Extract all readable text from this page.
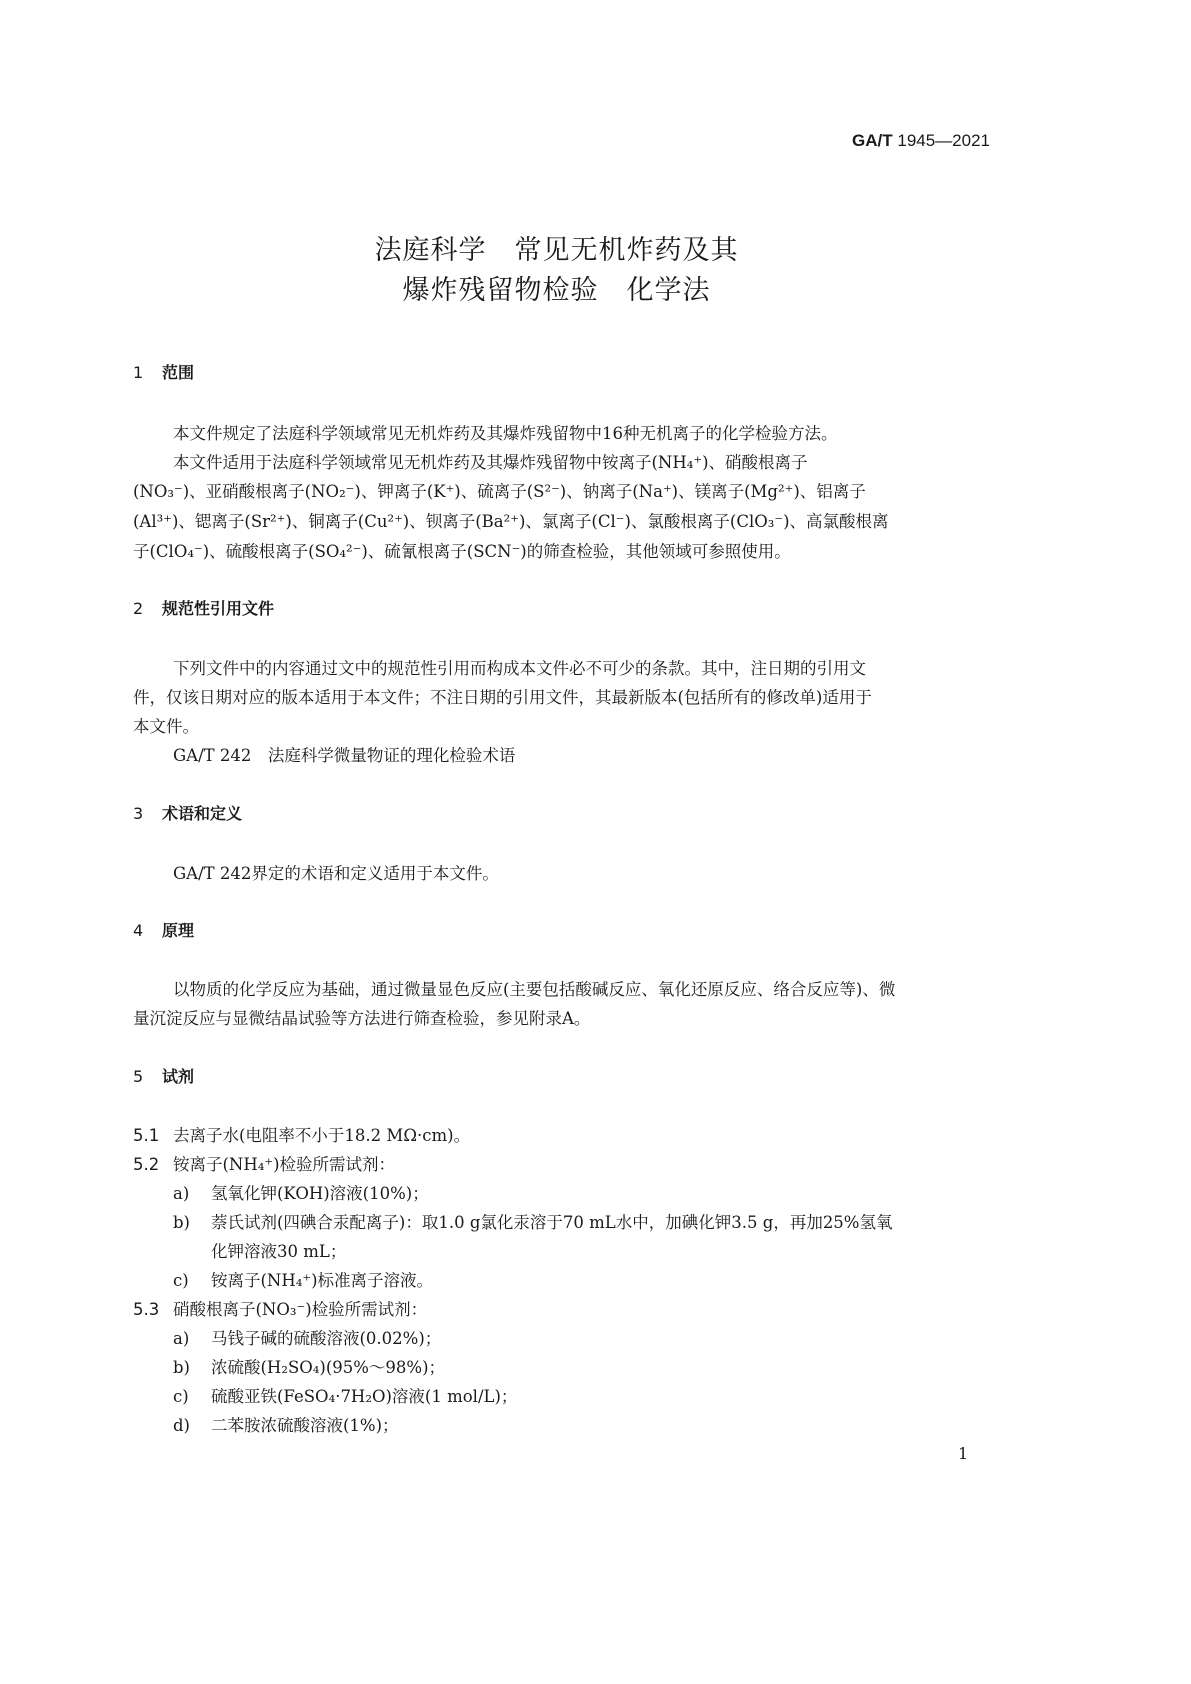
GA/T 1945—2021
法庭科学　常见无机炸药及其
爆炸残留物检验　化学法
1 范围
本文件规定了法庭科学领域常见无机炸药及其爆炸残留物中16种无机离子的化学检验方法。
本文件适用于法庭科学领域常见无机炸药及其爆炸残留物中铵离子(NH₄⁺)、硝酸根离子
(NO₃⁻)、亚硝酸根离子(NO₂⁻)、钾离子(K⁺)、硫离子(S²⁻)、钠离子(Na⁺)、镁离子(Mg²⁺)、铝离子
(Al³⁺)、锶离子(Sr²⁺)、铜离子(Cu²⁺)、钡离子(Ba²⁺)、氯离子(Cl⁻)、氯酸根离子(ClO₃⁻)、高氯酸根离
子(ClO₄⁻)、硫酸根离子(SO₄²⁻)、硫氰根离子(SCN⁻)的筛查检验，其他领域可参照使用。
2 规范性引用文件
下列文件中的内容通过文中的规范性引用而构成本文件必不可少的条款。其中，注日期的引用文
件，仅该日期对应的版本适用于本文件；不注日期的引用文件，其最新版本(包括所有的修改单)适用于
本文件。
GA/T 242　法庭科学微量物证的理化检验术语
3 术语和定义
GA/T 242界定的术语和定义适用于本文件。
4 原理
以物质的化学反应为基础，通过微量显色反应(主要包括酸碱反应、氧化还原反应、络合反应等)、微
量沉淀反应与显微结晶试验等方法进行筛查检验，参见附录A。
5 试剂
5.1 去离子水(电阻率不小于18.2 MΩ·cm)。
5.2 铵离子(NH₄⁺)检验所需试剂：
a) 氢氧化钾(KOH)溶液(10%)；
b) 萘氏试剂(四碘合汞配离子)：取1.0 g氯化汞溶于70 mL水中，加碘化钾3.5 g，再加25%氢氧
化钾溶液30 mL；
c) 铵离子(NH₄⁺)标准离子溶液。
5.3 硝酸根离子(NO₃⁻)检验所需试剂：
a) 马钱子碱的硫酸溶液(0.02%)；
b) 浓硫酸(H₂SO₄)(95%～98%)；
c) 硫酸亚铁(FeSO₄·7H₂O)溶液(1 mol/L)；
d) 二苯胺浓硫酸溶液(1%)；
1
